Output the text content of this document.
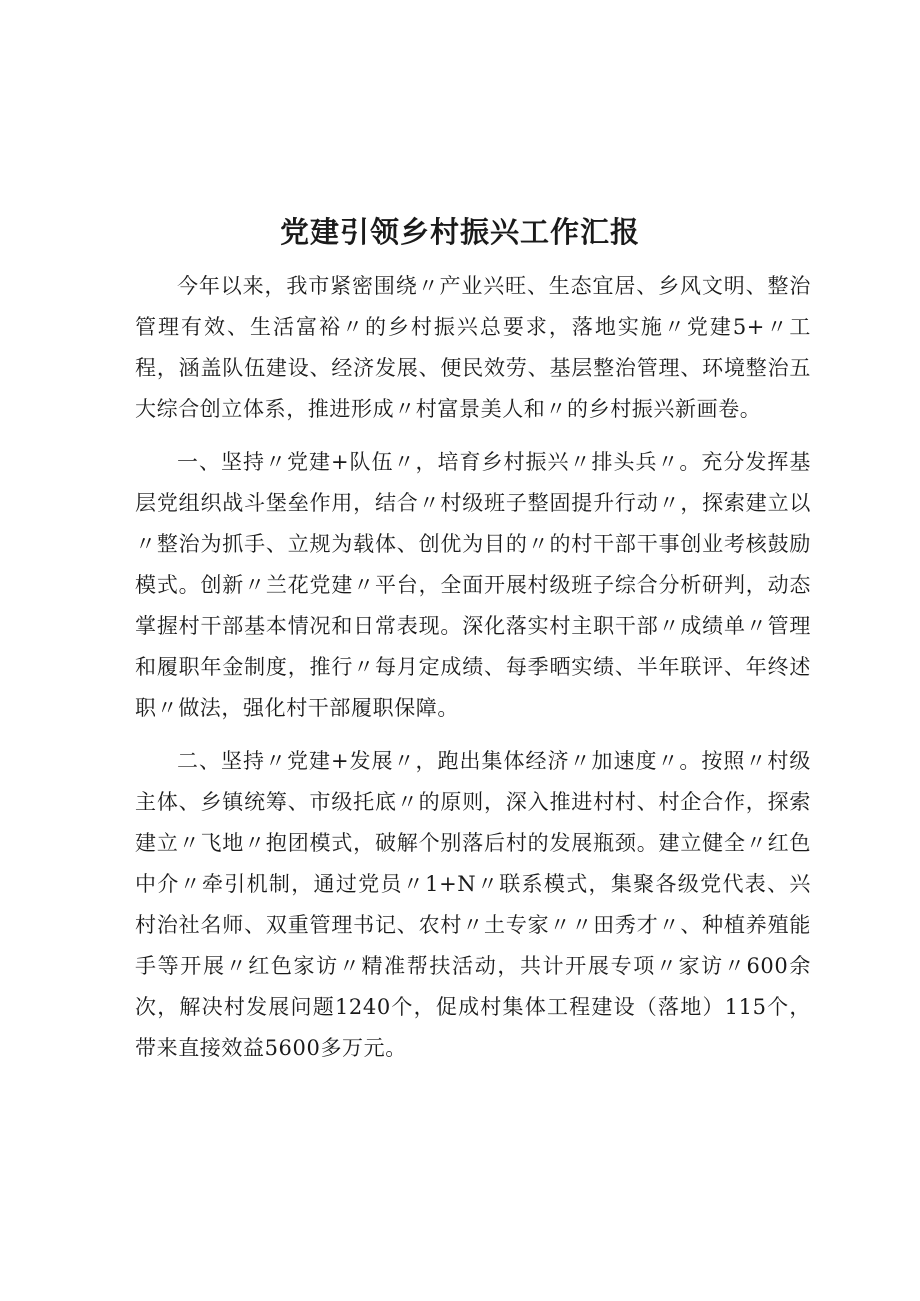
党建引领乡村振兴工作汇报

今年以来，我市紧密围绕〃产业兴旺、生态宜居、乡风文明、整治管理有效、生活富裕〃的乡村振兴总要求，落地实施〃党建5+〃工程，涵盖队伍建设、经济发展、便民效劳、基层整治管理、环境整治五大综合创立体系，推进形成〃村富景美人和〃的乡村振兴新画卷。

一、坚持〃党建+队伍〃，培育乡村振兴〃排头兵〃。充分发挥基层党组织战斗堡垒作用，结合〃村级班子整固提升行动〃，探索建立以〃整治为抓手、立规为载体、创优为目的〃的村干部干事创业考核鼓励模式。创新〃兰花党建〃平台，全面开展村级班子综合分析研判，动态掌握村干部基本情况和日常表现。深化落实村主职干部〃成绩单〃管理和履职年金制度，推行〃每月定成绩、每季晒实绩、半年联评、年终述职〃做法，强化村干部履职保障。

二、坚持〃党建+发展〃，跑出集体经济〃加速度〃。按照〃村级主体、乡镇统筹、市级托底〃的原则，深入推进村村、村企合作，探索建立〃飞地〃抱团模式，破解个别落后村的发展瓶颈。建立健全〃红色中介〃牵引机制，通过党员〃1+N〃联系模式，集聚各级党代表、兴村治社名师、双重管理书记、农村〃土专家〃〃田秀才〃、种植养殖能手等开展〃红色家访〃精准帮扶活动，共计开展专项〃家访〃600余次，解决村发展问题1240个，促成村集体工程建设（落地）115个，带来直接效益5600多万元。
